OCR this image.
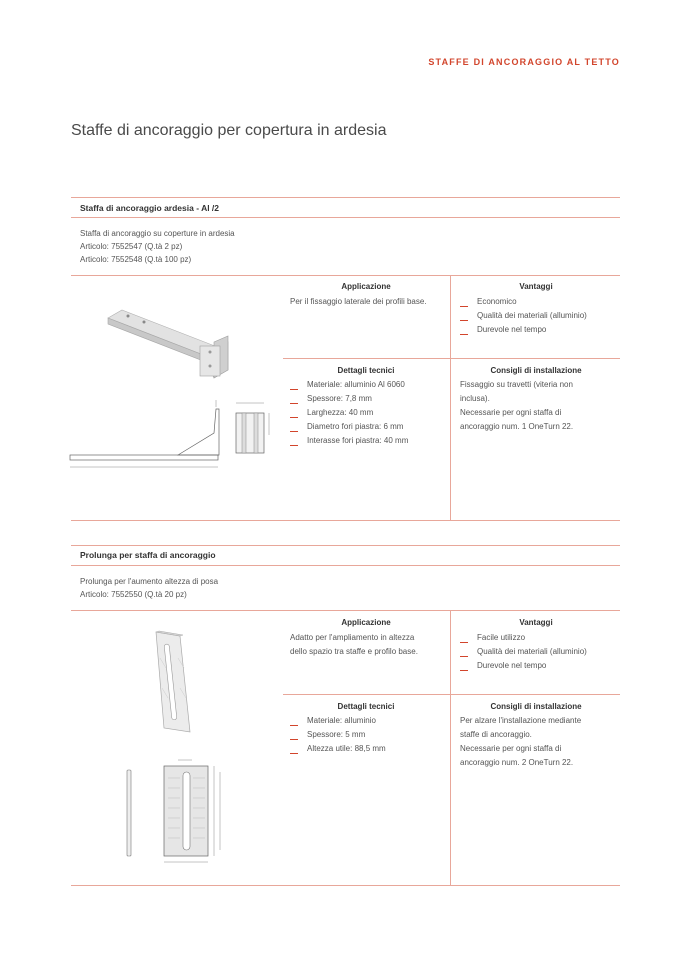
STAFFE DI ANCORAGGIO AL TETTO
Staffe di ancoraggio per copertura in ardesia
Staffa di ancoraggio ardesia - Al /2
Staffa di ancoraggio su coperture in ardesia
Articolo: 7552547 (Q.tà 2 pz)
Articolo: 7552548 (Q.tà 100 pz)
Applicazione
Per il fissaggio laterale dei profili base.
Vantaggi
Economico
Qualità dei materiali (alluminio)
Durevole nel tempo
Dettagli tecnici
Materiale: alluminio Al 6060
Spessore: 7,8 mm
Larghezza: 40 mm
Diametro fori piastra: 6 mm
Interasse fori piastra: 40 mm
Consigli di installazione
Fissaggio su travetti (viteria non
inclusa).
Necessarie per ogni staffa di
ancoraggio num. 1 OneTurn 22.
Prolunga per staffa di ancoraggio
Prolunga per l'aumento altezza di posa
Articolo: 7552550 (Q.tà 20 pz)
Applicazione
Adatto per l'ampliamento in altezza
dello spazio tra staffe e profilo base.
Vantaggi
Facile utilizzo
Qualità dei materiali (alluminio)
Durevole nel tempo
Dettagli tecnici
Materiale: alluminio
Spessore: 5 mm
Altezza utile: 88,5 mm
Consigli di installazione
Per alzare l'installazione mediante
staffe di ancoraggio.
Necessarie per ogni staffa di
ancoraggio num. 2 OneTurn 22.
